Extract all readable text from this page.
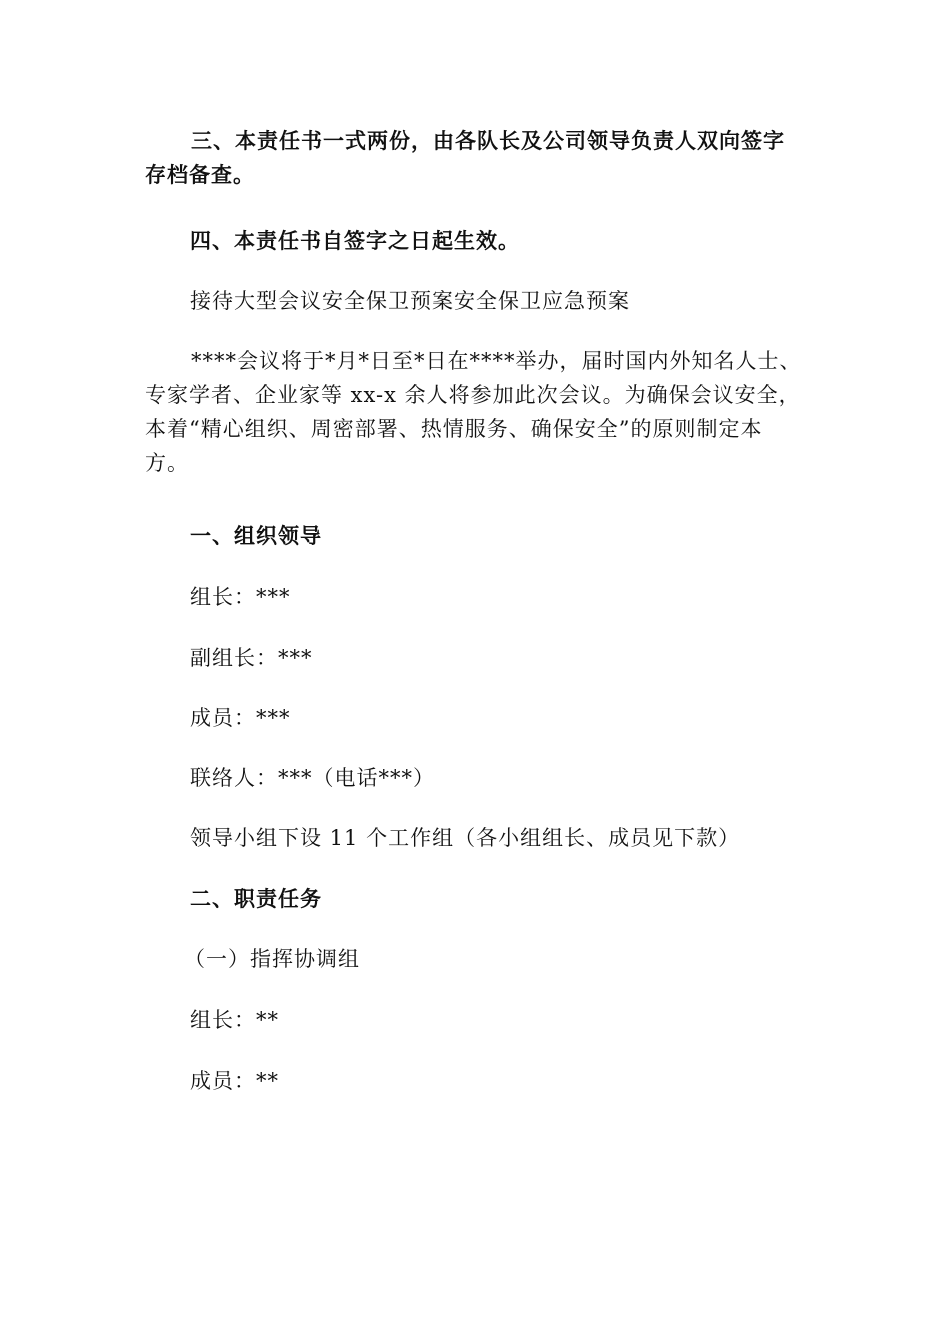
三、本责任书一式两份，由各队长及公司领导负责人双向签字
存档备查。
四、本责任书自签字之日起生效。
接待大型会议安全保卫预案安全保卫应急预案
****会议将于*月*日至*日在****举办，届时国内外知名人士、
专家学者、企业家等 xx-x 余人将参加此次会议。为确保会议安全，
本着“精心组织、周密部署、热情服务、确保安全”的原则制定本
方。
一、组织领导
组长：***
副组长：***
成员：***
联络人：***（电话***）
领导小组下设 11 个工作组（各小组组长、成员见下款）
二、职责任务
（一）指挥协调组
组长：**
成员：**
